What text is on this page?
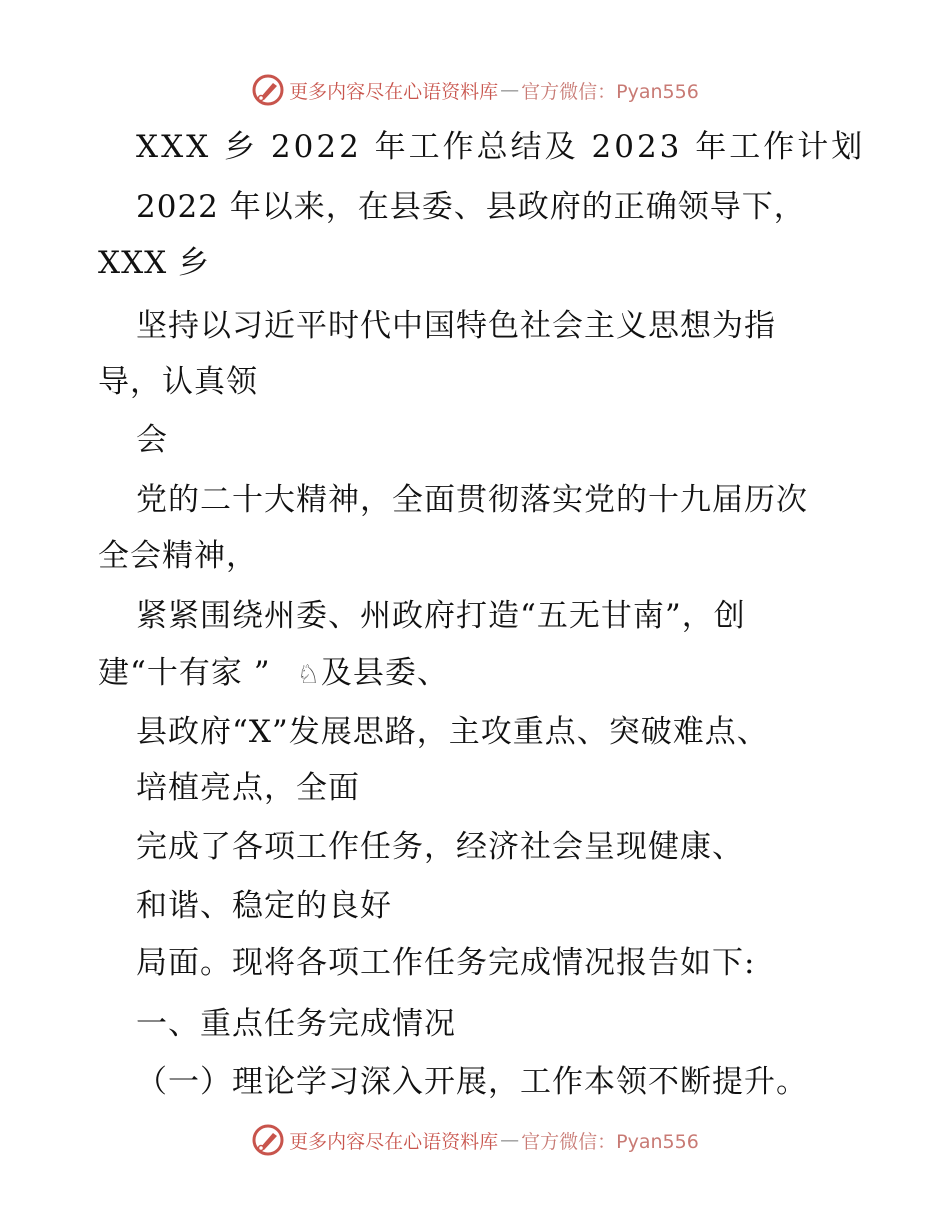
更多内容尽在心语资料库 — 官方微信：Pyan556

XXX 乡 2022 年工作总结及 2023 年工作计划

2022 年以来，在县委、县政府的正确领导下，

XXX 乡

坚持以习近平时代中国特色社会主义思想为指

导，认真领

会

党的二十大精神，全面贯彻落实党的十九届历次

全会精神，

紧紧围绕州委、州政府打造“五无甘南”，创

建“十有家 ” ♘及县委、

县政府“X”发展思路，主攻重点、突破难点、

培植亮点，全面

完成了各项工作任务，经济社会呈现健康、

和谐、稳定的良好

局面。现将各项工作任务完成情况报告如下:

一、重点任务完成情况

（一）理论学习深入开展，工作本领不断提升。

更多内容尽在心语资料库 — 官方微信：Pyan556
